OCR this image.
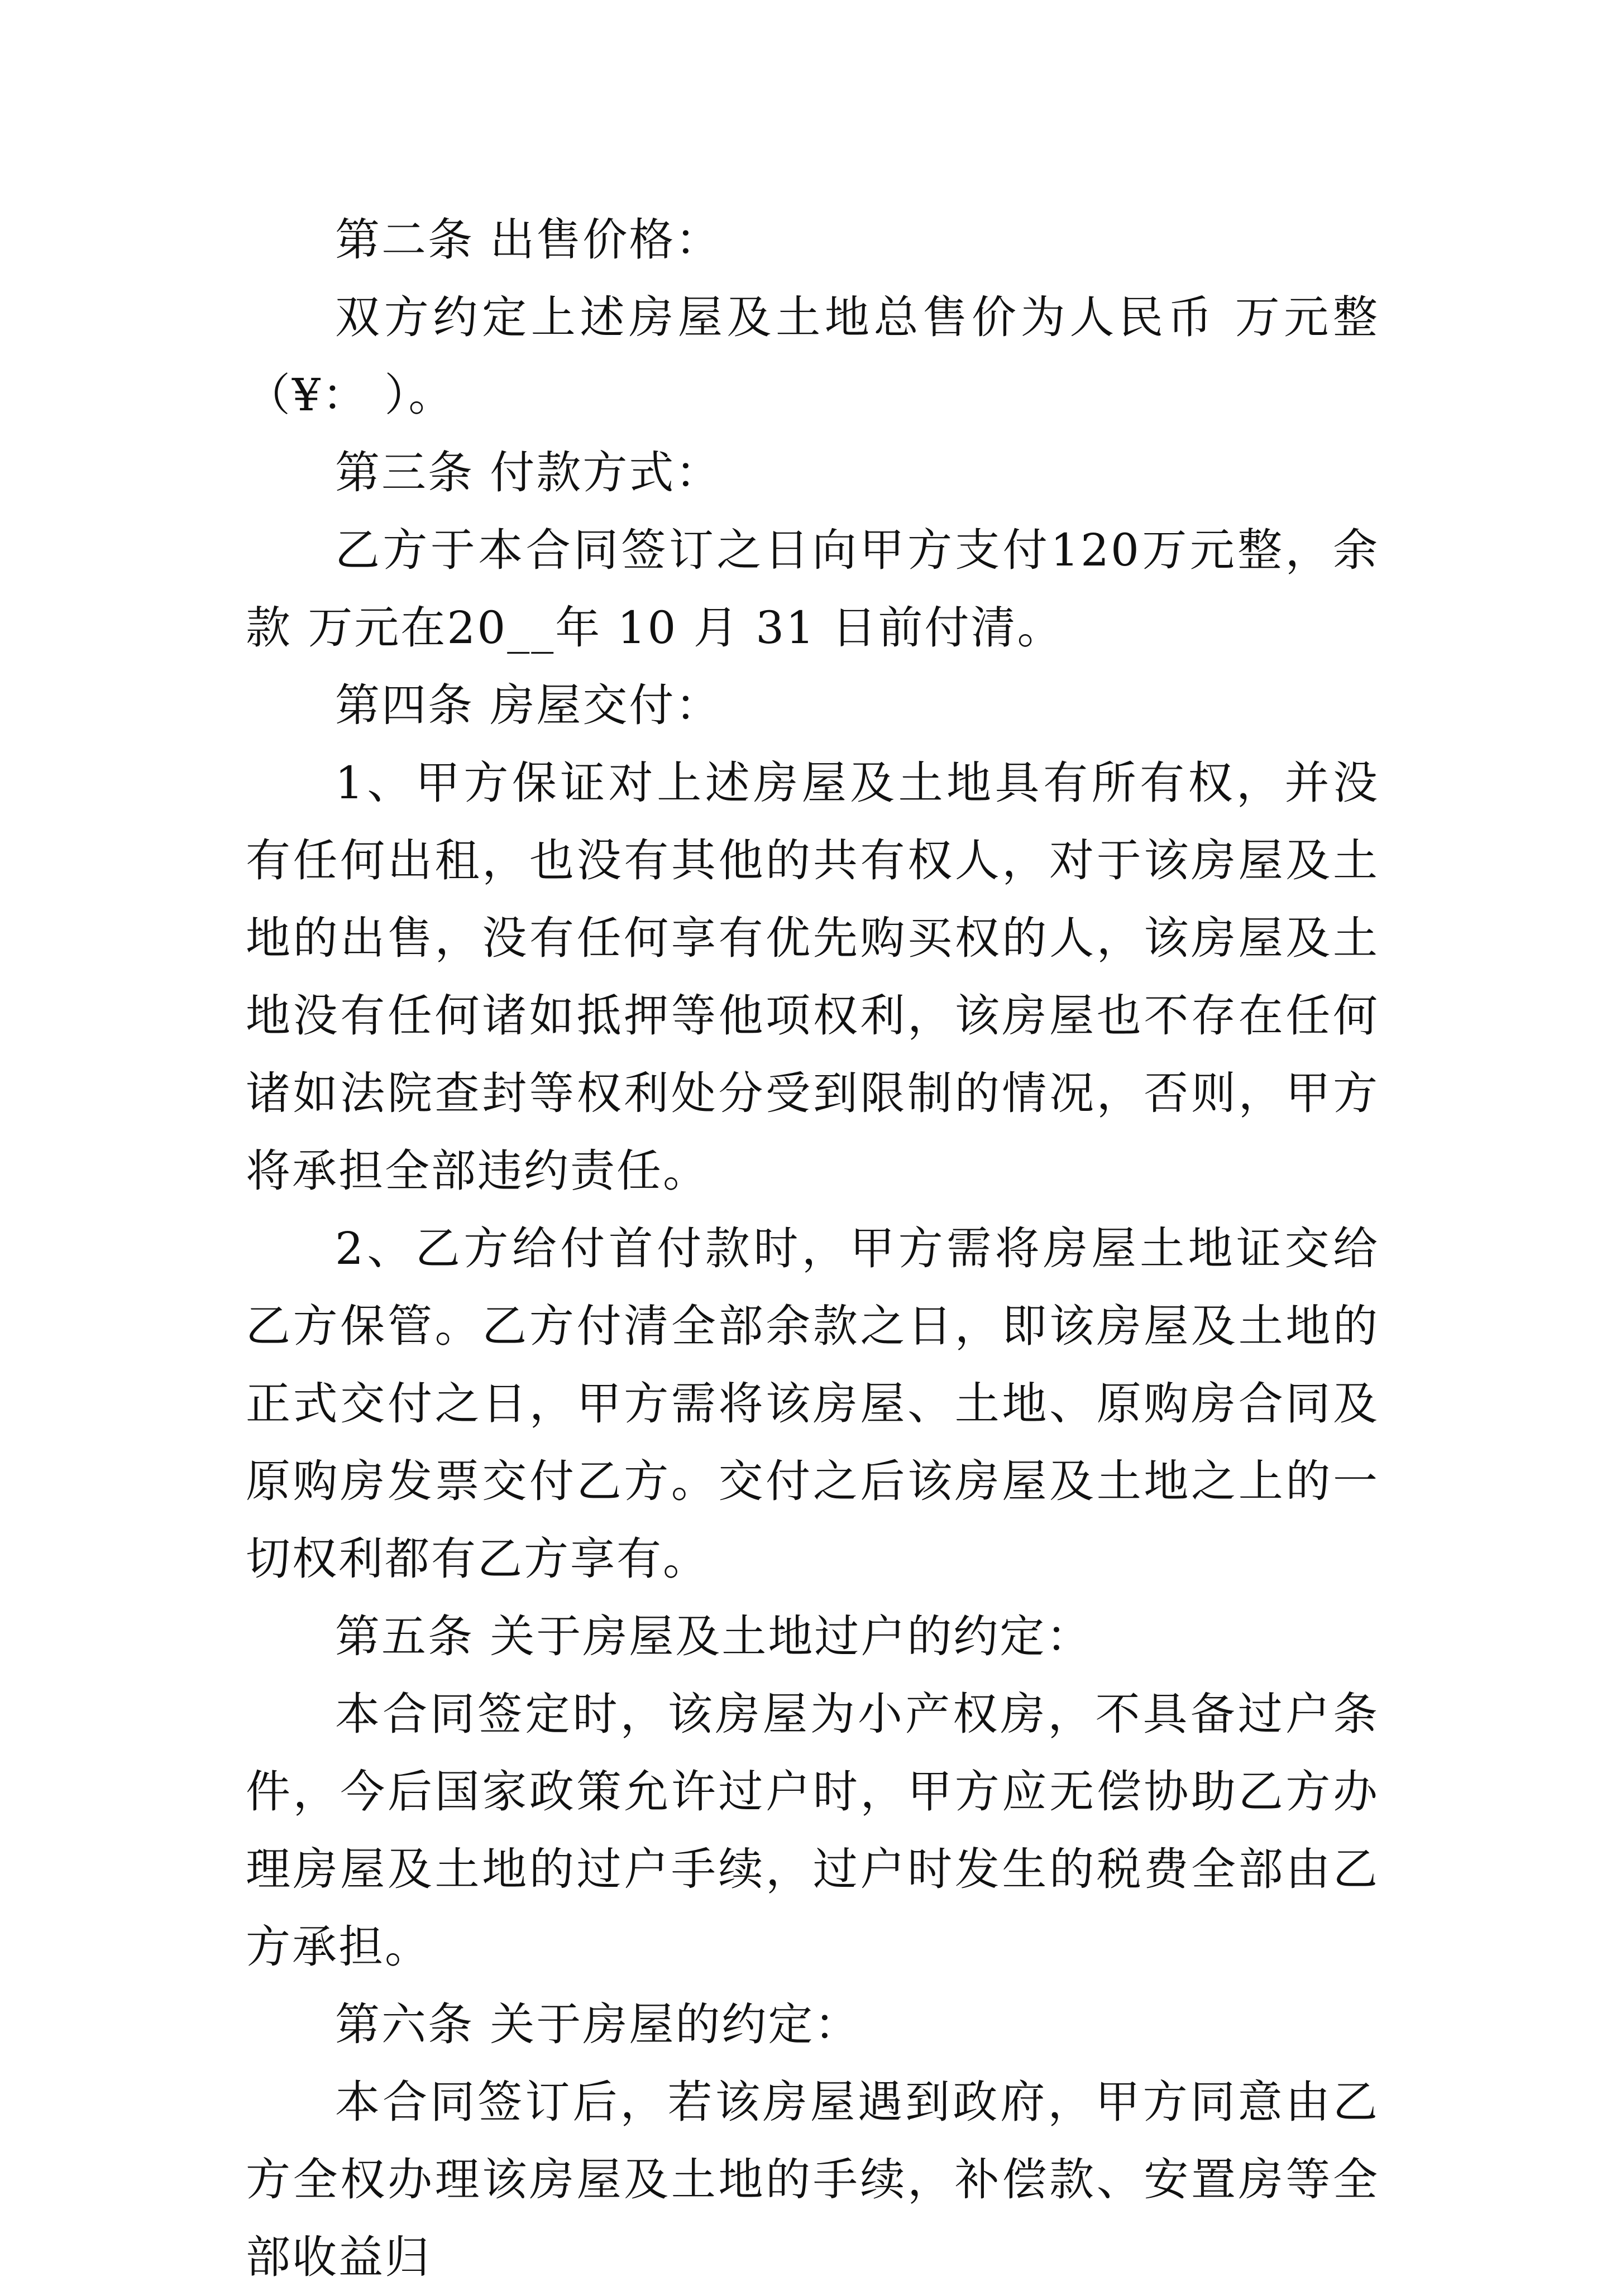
第二条 出售价格：

双方约定上述房屋及土地总售价为人民币 万元整（¥： ）。

第三条 付款方式：

乙方于本合同签订之日向甲方支付120万元整，余款 万元在20__年 10 月 31 日前付清。

第四条 房屋交付：

1、甲方保证对上述房屋及土地具有所有权，并没有任何出租，也没有其他的共有权人，对于该房屋及土地的出售，没有任何享有优先购买权的人，该房屋及土地没有任何诸如抵押等他项权利，该房屋也不存在任何诸如法院查封等权利处分受到限制的情况，否则，甲方将承担全部违约责任。

2、乙方给付首付款时，甲方需将房屋土地证交给乙方保管。乙方付清全部余款之日，即该房屋及土地的正式交付之日，甲方需将该房屋、土地、原购房合同及原购房发票交付乙方。交付之后该房屋及土地之上的一切权利都有乙方享有。

第五条 关于房屋及土地过户的约定：

本合同签定时，该房屋为小产权房，不具备过户条件，今后国家政策允许过户时，甲方应无偿协助乙方办理房屋及土地的过户手续，过户时发生的税费全部由乙方承担。

第六条 关于房屋的约定：

本合同签订后，若该房屋遇到政府，甲方同意由乙方全权办理该房屋及土地的手续，补偿款、安置房等全部收益归
